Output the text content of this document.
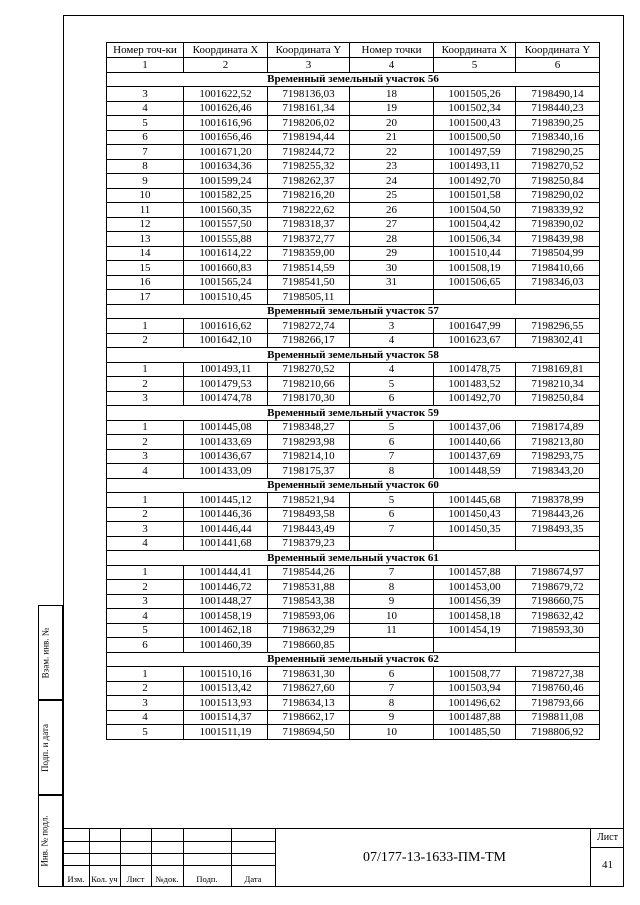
Взам. инв. №
Подп. и дата
Инв. № подл.
Номер точ-ки	Координата X	Координата Y	Номер точки	Координата X	Координата Y
1	2	3	4	5	6
Временный земельный участок 56					
3	1001622,52	7198136,03	18	1001505,26	7198490,14
4	1001626,46	7198161,34	19	1001502,34	7198440,23
5	1001616,96	7198206,02	20	1001500,43	7198390,25
6	1001656,46	7198194,44	21	1001500,50	7198340,16
7	1001671,20	7198244,72	22	1001497,59	7198290,25
8	1001634,36	7198255,32	23	1001493,11	7198270,52
9	1001599,24	7198262,37	24	1001492,70	7198250,84
10	1001582,25	7198216,20	25	1001501,58	7198290,02
11	1001560,35	7198222,62	26	1001504,50	7198339,92
12	1001557,50	7198318,37	27	1001504,42	7198390,02
13	1001555,88	7198372,77	28	1001506,34	7198439,98
14	1001614,22	7198359,00	29	1001510,44	7198504,99
15	1001660,83	7198514,59	30	1001508,19	7198410,66
16	1001565,24	7198541,50	31	1001506,65	7198346,03
17	1001510,45	7198505,11			
Временный земельный участок 57					
1	1001616,62	7198272,74	3	1001647,99	7198296,55
2	1001642,10	7198266,17	4	1001623,67	7198302,41
Временный земельный участок 58					
1	1001493,11	7198270,52	4	1001478,75	7198169,81
2	1001479,53	7198210,66	5	1001483,52	7198210,34
3	1001474,78	7198170,30	6	1001492,70	7198250,84
Временный земельный участок 59					
1	1001445,08	7198348,27	5	1001437,06	7198174,89
2	1001433,69	7198293,98	6	1001440,66	7198213,80
3	1001436,67	7198214,10	7	1001437,69	7198293,75
4	1001433,09	7198175,37	8	1001448,59	7198343,20
Временный земельный участок 60					
1	1001445,12	7198521,94	5	1001445,68	7198378,99
2	1001446,36	7198493,58	6	1001450,43	7198443,26
3	1001446,44	7198443,49	7	1001450,35	7198493,35
4	1001441,68	7198379,23			
Временный земельный участок 61					
1	1001444,41	7198544,26	7	1001457,88	7198674,97
2	1001446,72	7198531,88	8	1001453,00	7198679,72
3	1001448,27	7198543,38	9	1001456,39	7198660,75
4	1001458,19	7198593,06	10	1001458,18	7198632,42
5	1001462,18	7198632,29	11	1001454,19	7198593,30
6	1001460,39	7198660,85			
Временный земельный участок 62					
1	1001510,16	7198631,30	6	1001508,77	7198727,38
2	1001513,42	7198627,60	7	1001503,94	7198760,46
3	1001513,93	7198634,13	8	1001496,62	7198793,66
4	1001514,37	7198662,17	9	1001487,88	7198811,08
5	1001511,19	7198694,50	10	1001485,50	7198806,92
Изм. Кол. уч	Лист	№док.	Подп.	Дата
07/177-13-1633-ПМ-ТМ
Лист
41
